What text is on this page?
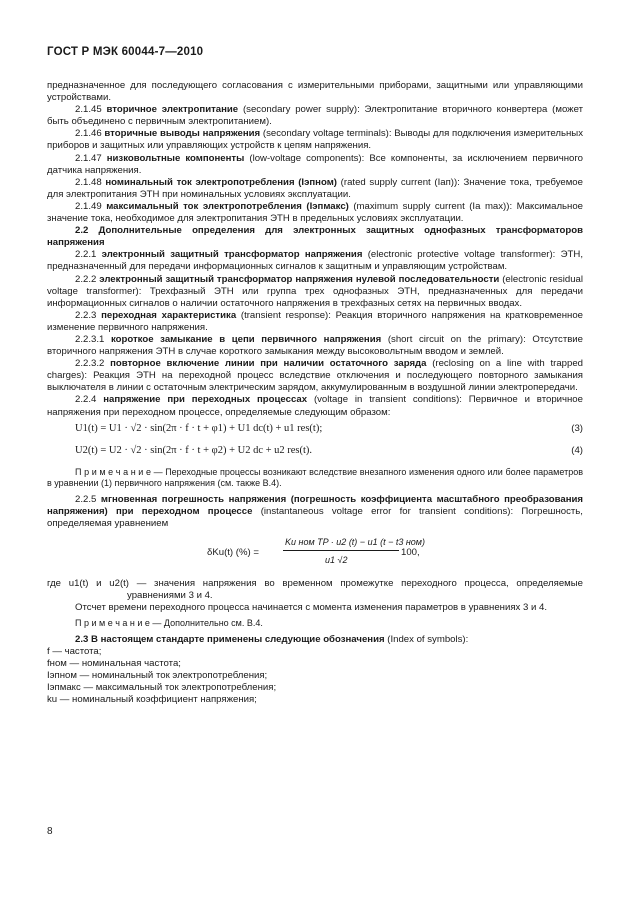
ГОСТ Р МЭК 60044-7—2010

предназначенное для последующего согласования с измерительными приборами, защитными или управляющими устройствами.

2.1.45 вторичное электропитание (secondary power supply): Электропитание вторичного конвертера (может быть объединено с первичным электропитанием).

2.1.46 вторичные выводы напряжения (secondary voltage terminals): Выводы для подключения измерительных приборов и защитных или управляющих устройств к цепям напряжения.

2.1.47 низковольтные компоненты (low-voltage components): Все компоненты, за исключением первичного датчика напряжения.

2.1.48 номинальный ток электропотребления (Iэпном) (rated supply current (Iaп)): Значение тока, требуемое для электропитания ЭТН при номинальных условиях эксплуатации.

2.1.49 максимальный ток электропотребления (Iэпмакс) (maximum supply current (Ia max)): Максимальное значение тока, необходимое для электропитания ЭТН в предельных условиях эксплуатации.

2.2 Дополнительные определения для электронных защитных однофазных трансформаторов напряжения

2.2.1 электронный защитный трансформатор напряжения (electronic protective voltage transformer): ЭТН, предназначенный для передачи информационных сигналов к защитным и управляющим устройствам.

2.2.2 электронный защитный трансформатор напряжения нулевой последовательности (electronic residual voltage transformer): Трехфазный ЭТН или группа трех однофазных ЭТН, предназначенных для передачи информационных сигналов о наличии остаточного напряжения в трехфазных сетях на первичных вводах.

2.2.3 переходная характеристика (transient response): Реакция вторичного напряжения на кратковременное изменение первичного напряжения.

2.2.3.1 короткое замыкание в цепи первичного напряжения (short circuit on the primary): Отсутствие вторичного напряжения ЭТН в случае короткого замыкания между высоковольтным вводом и землей.

2.2.3.2 повторное включение линии при наличии остаточного заряда (reclosing on a line with trapped charges): Реакция ЭТН на переходной процесс вследствие отключения и последующего повторного замыкания выключателя в линии с остаточным электрическим зарядом, аккумулированным в воздушной линии электропередачи.

2.2.4 напряжение при переходных процессах (voltage in transient conditions): Первичное и вторичное напряжения при переходном процессе, определяемые следующим образом:

U1(t) = U1 · √2 · sin(2π · f · t + φ1) + U1 dc(t) + u1 res(t);	(3)
U2(t) = U2 · √2 · sin(2π · f · t + φ2) + U2 dc + u2 res(t).	(4)

П р и м е ч а н и е — Переходные процессы возникают вследствие внезапного изменения одного или более параметров в уравнении (1) первичного напряжения (см. также В.4).

2.2.5 мгновенная погрешность напряжения (погрешность коэффициента масштабного преобразования напряжения) при переходном процессе (instantaneous voltage error for transient conditions): Погрешность, определяемая уравнением

δKu(t) (%) =
Ku ном TP · u2 (t) − u1 (t − t3 ном)
u1 √2
100,

где u1(t) и u2(t) — значения напряжения во временном промежутке переходного процесса, определяемые уравнениями 3 и 4.

Отсчет времени переходного процесса начинается с момента изменения параметров в уравнениях 3 и 4.

П р и м е ч а н и е — Дополнительно см. В.4.

2.3 В настоящем стандарте применены следующие обозначения (Index of symbols):

f — частота;

fном — номинальная частота;

Iэпном — номинальный ток электропотребления;

Iэпмакс — максимальный ток электропотребления;

ku — номинальный коэффициент напряжения;

8
